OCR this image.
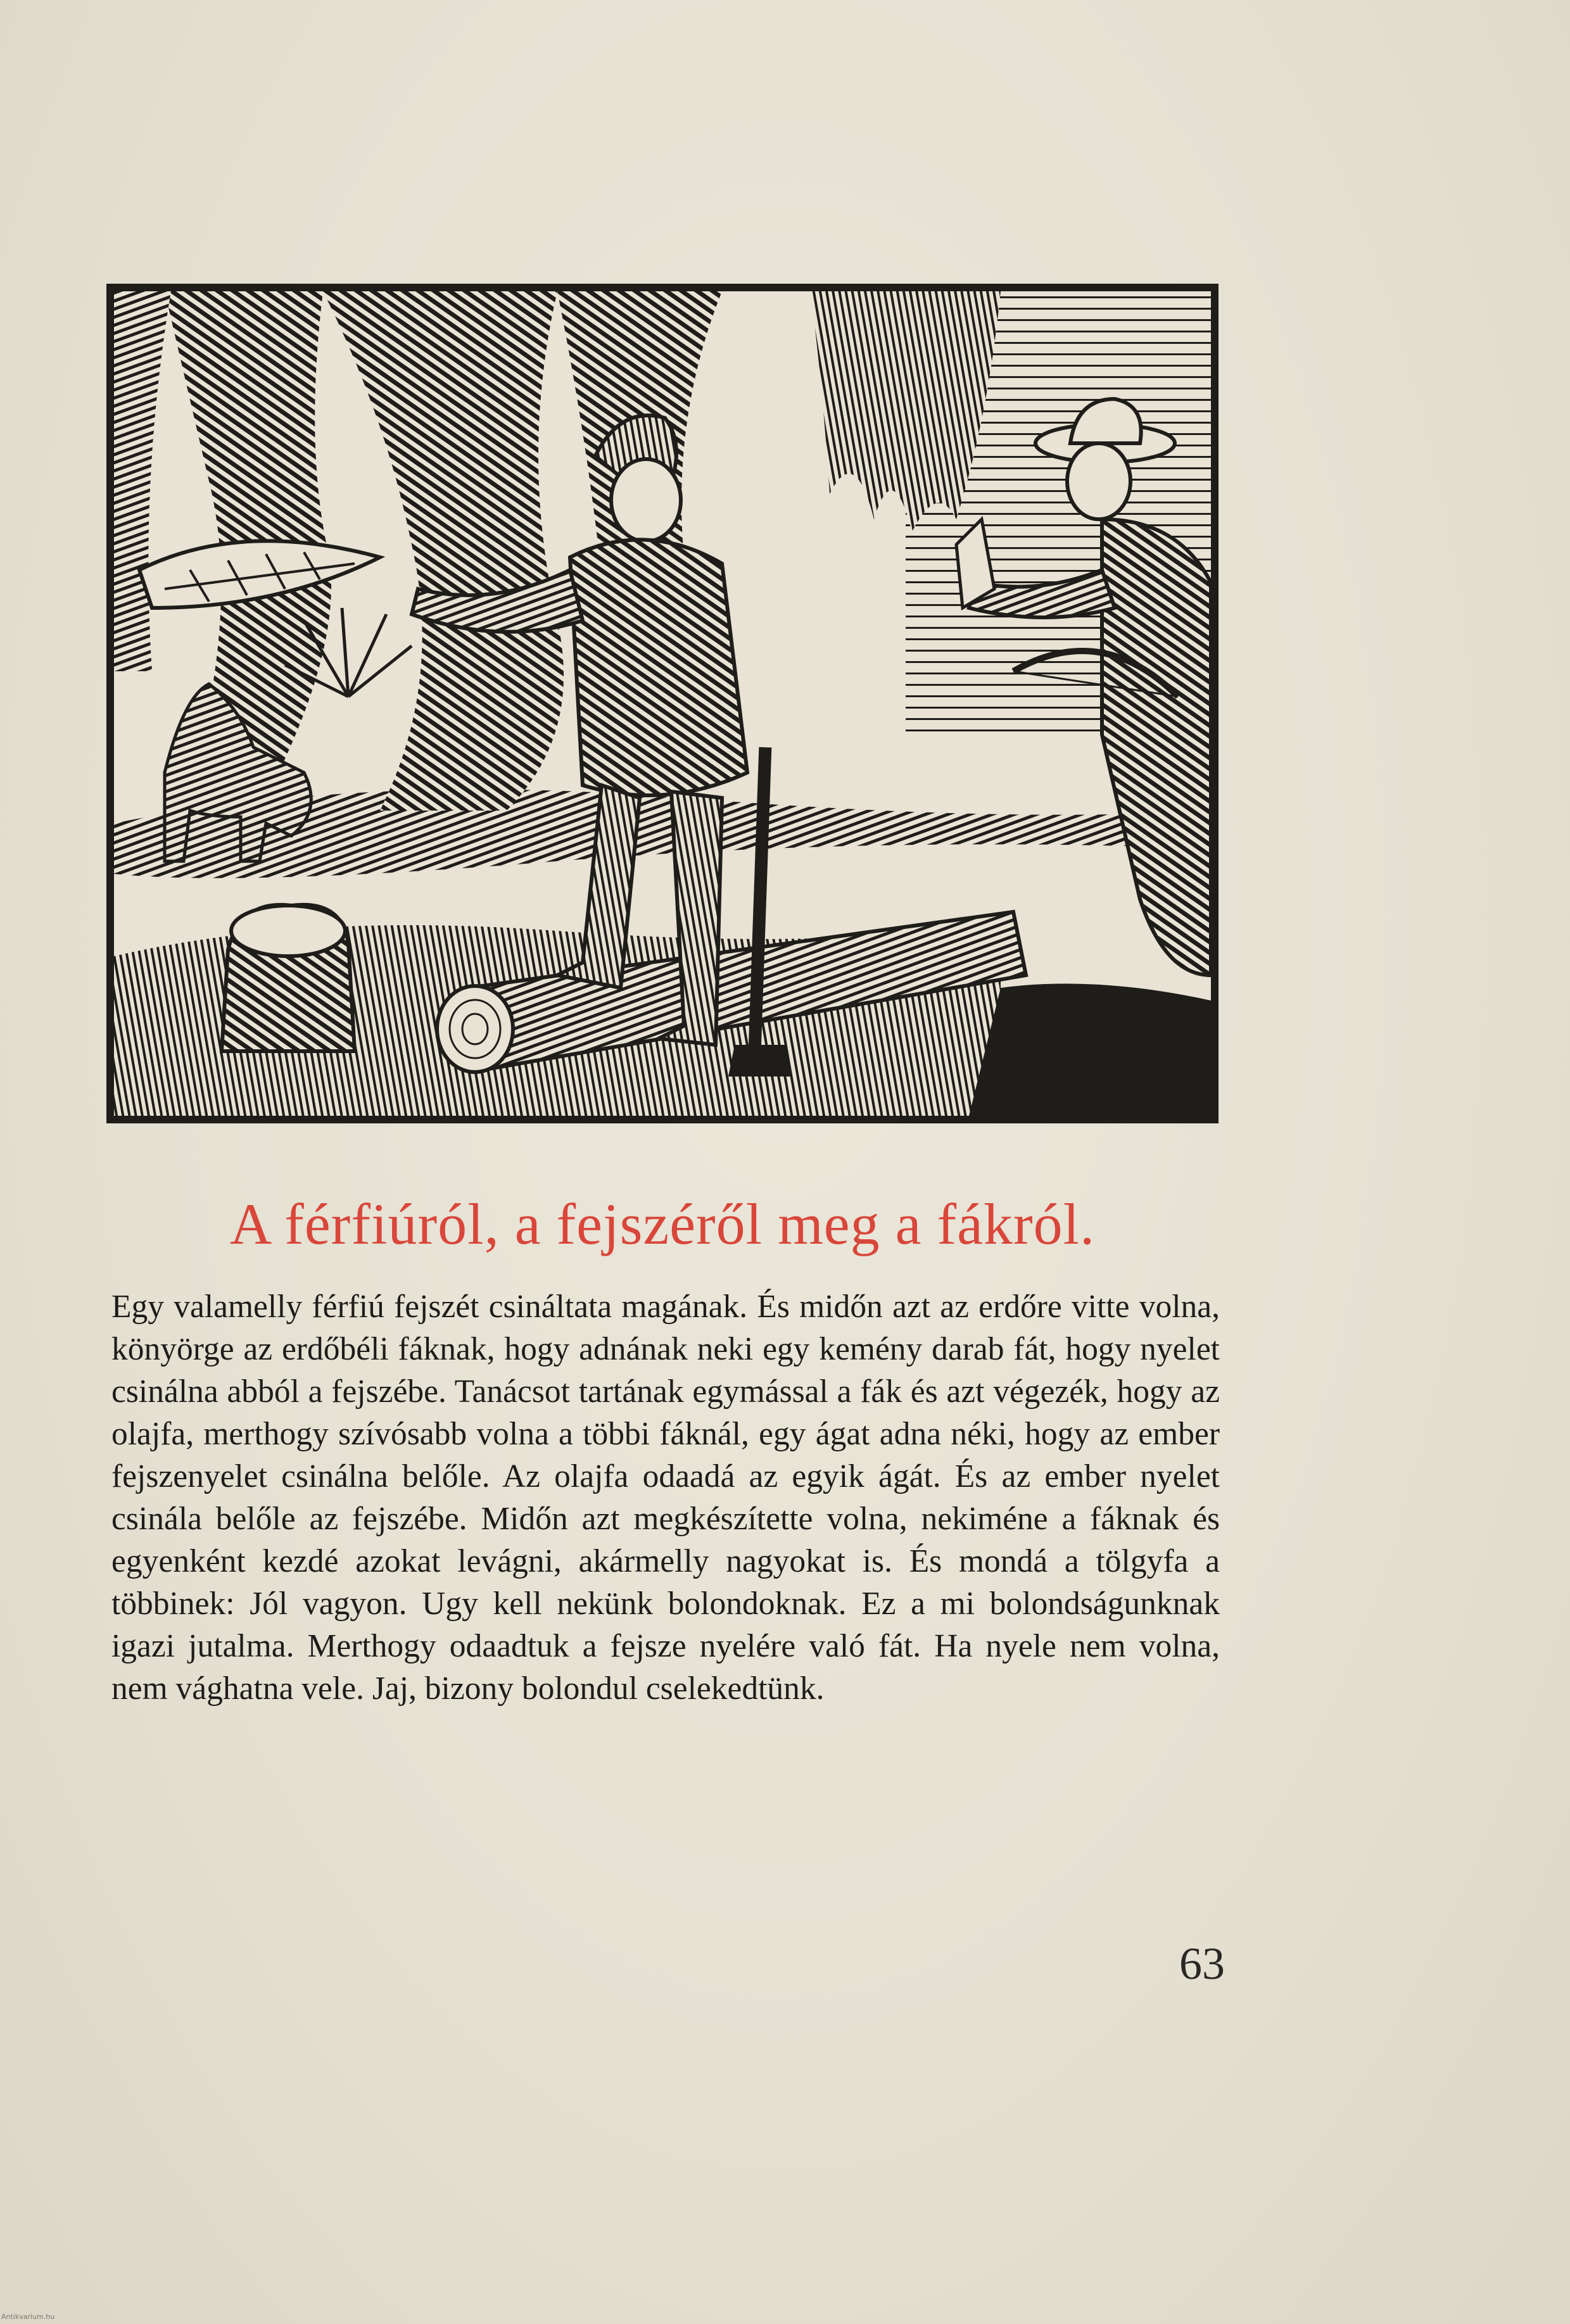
A férfiúról, a fejszéről meg a fákról.
Egy valamelly férfiú fejszét csináltata magának. És midőn azt az erdőre vitte volna, könyörge az erdőbéli fáknak, hogy adnának neki egy kemény darab fát, hogy nyelet csinálna abból a fejszébe. Tanácsot tartának egymással a fák és azt végezék, hogy az olajfa, merthogy szívósabb volna a többi fáknál, egy ágat adna néki, hogy az ember fejszenyelet csinálna belőle. Az olajfa odaadá az egyik ágát. És az ember nyelet csinála belőle az fejszébe. Midőn azt megkészítette volna, nekiméne a fáknak és egyenként kezdé azokat levágni, akármelly nagyokat is. És mondá a tölgyfa a többinek: Jól vagyon. Ugy kell nekünk bolondoknak. Ez a mi bolondságunknak igazi jutalma. Merthogy odaadtuk a fejsze nyelére való fát. Ha nyele nem volna, nem vághatna vele. Jaj, bizony bolondul cselekedtünk.
63
Antikvarium.hu
